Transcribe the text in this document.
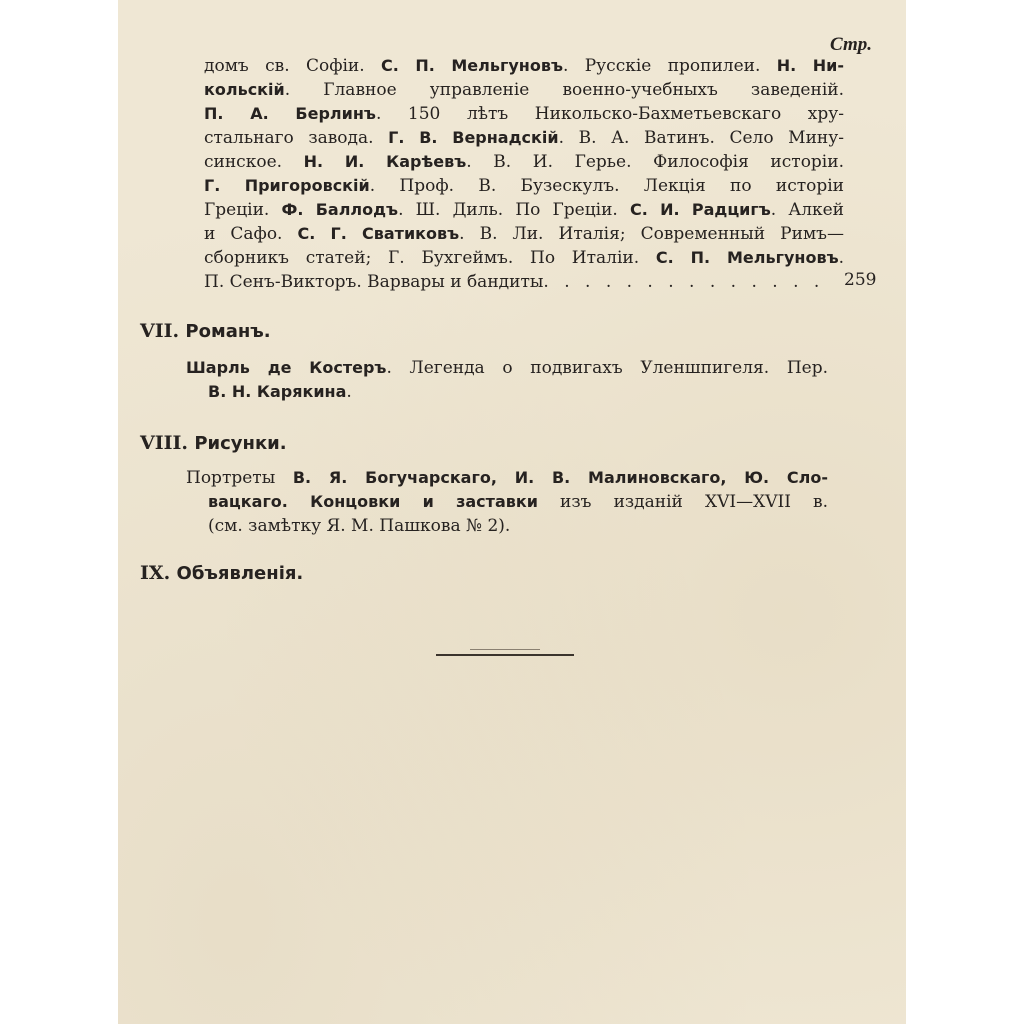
Стр.
домъ св. Софіи. С. П. Мельгуновъ. Русскіе пропилеи. Н. Ни-
кольскій. Главное управленіе военно-учебныхъ заведеній.
П. А. Берлинъ. 150 лѣтъ Никольско-Бахметьевскаго хру-
стальнаго завода. Г. В. Вернадскій. В. А. Ватинъ. Село Мину-
синское. Н. И. Карѣевъ. В. И. Герье. Философія исторіи.
Г. Пригоровскій. Проф. В. Бузескулъ. Лекція по исторіи
Греціи. Ф. Баллодъ. Ш. Диль. По Греціи. С. И. Радцигъ. Алкей
и Сафо. С. Г. Сватиковъ. В. Ли. Италія; Современный Римъ—
сборникъ статей; Г. Бухгеймъ. По Италіи. С. П. Мельгуновъ.
П. Сенъ-Викторъ. Варвары и бандиты. . . . . . . . . . . . . .	259
VII. Романъ.
Шарль де Костеръ. Легенда о подвигахъ Уленшпигеля. Пер.
В. Н. Карякина.
VIII. Рисунки.
Портреты В. Я. Богучарскаго, И. В. Малиновскаго, Ю. Сло-
вацкаго. Концовки и заставки изъ изданій XVI—XVII в.
(см. замѣтку Я. М. Пашкова № 2).
IX. Объявленія.
